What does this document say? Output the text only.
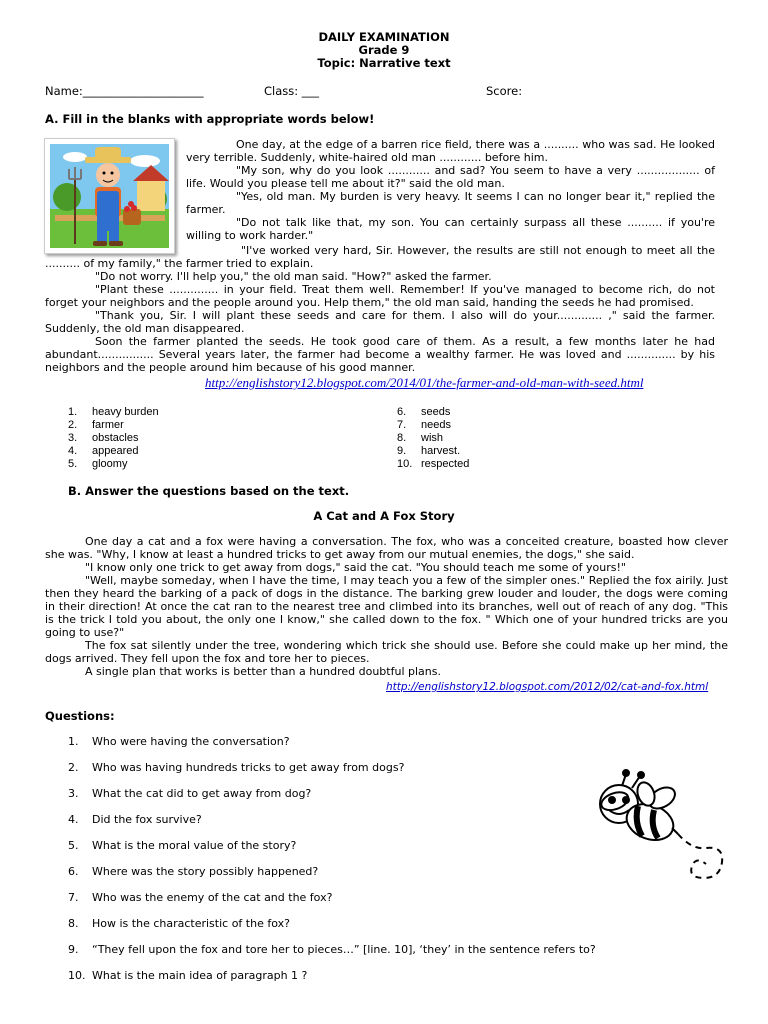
DAILY EXAMINATION
Grade 9
Topic: Narrative text
Name:_____________________	Class: ___	Score:
A. Fill in the blanks with appropriate words below!
One day, at the edge of a barren rice field, there was a .......... who was sad. He looked very terrible. Suddenly, white-haired old man ............ before him.
"My son, why do you look ............ and sad? You seem to have a very .................. of life. Would you please tell me about it?" said the old man.
"Yes, old man. My burden is very heavy. It seems I can no longer bear it," replied the farmer.
"Do not talk like that, my son. You can certainly surpass all these .......... if you're willing to work harder."
"I've worked very hard, Sir. However, the results are still not enough to meet all the .......... of my family," the farmer tried to explain.
"Do not worry. I'll help you," the old man said. "How?" asked the farmer.
"Plant these .............. in your field. Treat them well. Remember! If you've managed to become rich, do not forget your neighbors and the people around you. Help them," the old man said, handing the seeds he had promised.
"Thank you, Sir. I will plant these seeds and care for them. I also will do your............. ," said the farmer. Suddenly, the old man disappeared.
Soon the farmer planted the seeds. He took good care of them. As a result, a few months later he had abundant................ Several years later, the farmer had become a wealthy farmer. He was loved and .............. by his neighbors and the people around him because of his good manner.
http://englishstory12.blogspot.com/2014/01/the-farmer-and-old-man-with-seed.html
1.	heavy burden
2.	farmer
3.	obstacles
4.	appeared
5.	gloomy
6.	seeds
7.	needs
8.	wish
9.	harvest.
10. respected
B. Answer the questions based on the text.
A Cat and A Fox Story
One day a cat and a fox were having a conversation. The fox, who was a conceited creature, boasted how clever she was. "Why, I know at least a hundred tricks to get away from our mutual enemies, the dogs," she said.
"I know only one trick to get away from dogs," said the cat. "You should teach me some of yours!"
"Well, maybe someday, when I have the time, I may teach you a few of the simpler ones." Replied the fox airily. Just then they heard the barking of a pack of dogs in the distance. The barking grew louder and louder, the dogs were coming in their direction! At once the cat ran to the nearest tree and climbed into its branches, well out of reach of any dog. "This is the trick I told you about, the only one I know," she called down to the fox. " Which one of your hundred tricks are you going to use?"
The fox sat silently under the tree, wondering which trick she should use. Before she could make up her mind, the dogs arrived. They fell upon the fox and tore her to pieces.
A single plan that works is better than a hundred doubtful plans.
http://englishstory12.blogspot.com/2012/02/cat-and-fox.html
Questions:
1.	Who were having the conversation?
2.	Who was having hundreds tricks to get away from dogs?
3.	What the cat did to get away from dog?
4.	Did the fox survive?
5.	What is the moral value of the story?
6.	Where was the story possibly happened?
7.	Who was the enemy of the cat and the fox?
8.	How is the characteristic of the fox?
9.	“They fell upon the fox and tore her to pieces…” [line. 10], ‘they’ in the sentence refers to?
10. What is the main idea of paragraph 1 ?
